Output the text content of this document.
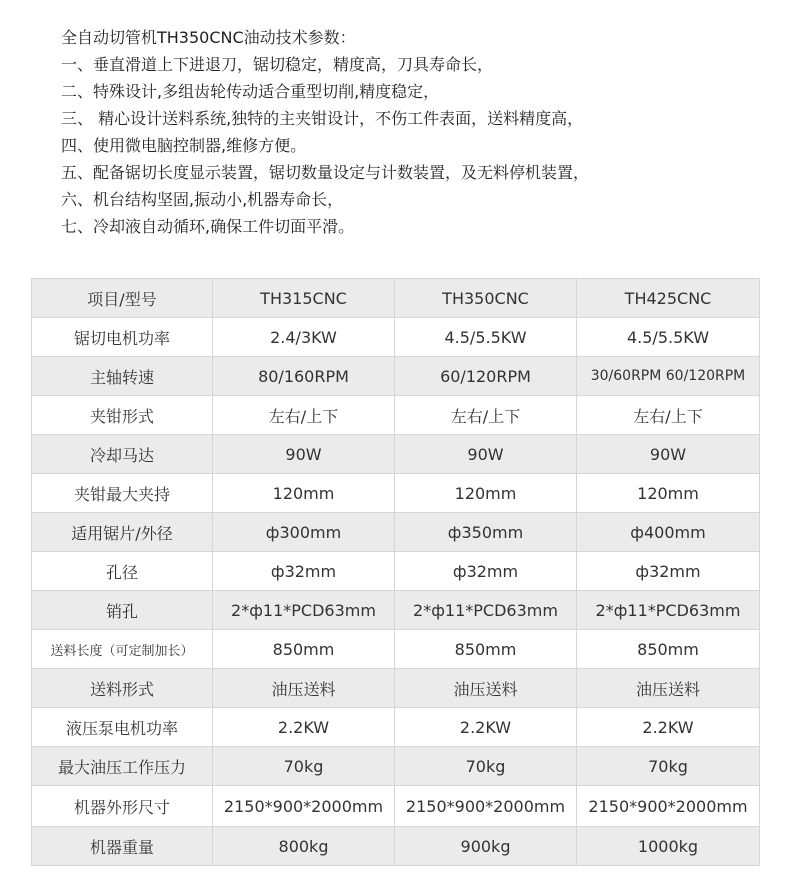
全自动切管机TH350CNC油动技术参数：
一、垂直滑道上下进退刀，锯切稳定，精度高，刀具寿命长，
二、特殊设计,多组齿轮传动适合重型切削,精度稳定，
三、 精心设计送料系统,独特的主夹钳设计，不伤工件表面，送料精度高，
四、使用微电脑控制器,维修方便。
五、配备锯切长度显示装置，锯切数量设定与计数装置，及无料停机装置，
六、机台结构坚固,振动小,机器寿命长，
七、冷却液自动循环,确保工件切面平滑。
项目/型号	TH315CNC	TH350CNC	TH425CNC
锯切电机功率	2.4/3KW	4.5/5.5KW	4.5/5.5KW
主轴转速	80/160RPM	60/120RPM	30/60RPM 60/120RPM
夹钳形式	左右/上下	左右/上下	左右/上下
冷却马达	90W	90W	90W
夹钳最大夹持	120mm	120mm	120mm
适用锯片/外径	ф300mm	ф350mm	ф400mm
孔径	ф32mm	ф32mm	ф32mm
销孔	2*ф11*PCD63mm	2*ф11*PCD63mm	2*ф11*PCD63mm
送料长度（可定制加长）	850mm	850mm	850mm
送料形式	油压送料	油压送料	油压送料
液压泵电机功率	2.2KW	2.2KW	2.2KW
最大油压工作压力	70kg	70kg	70kg
机器外形尺寸	2150*900*2000mm	2150*900*2000mm	2150*900*2000mm
机器重量	800kg	900kg	1000kg
